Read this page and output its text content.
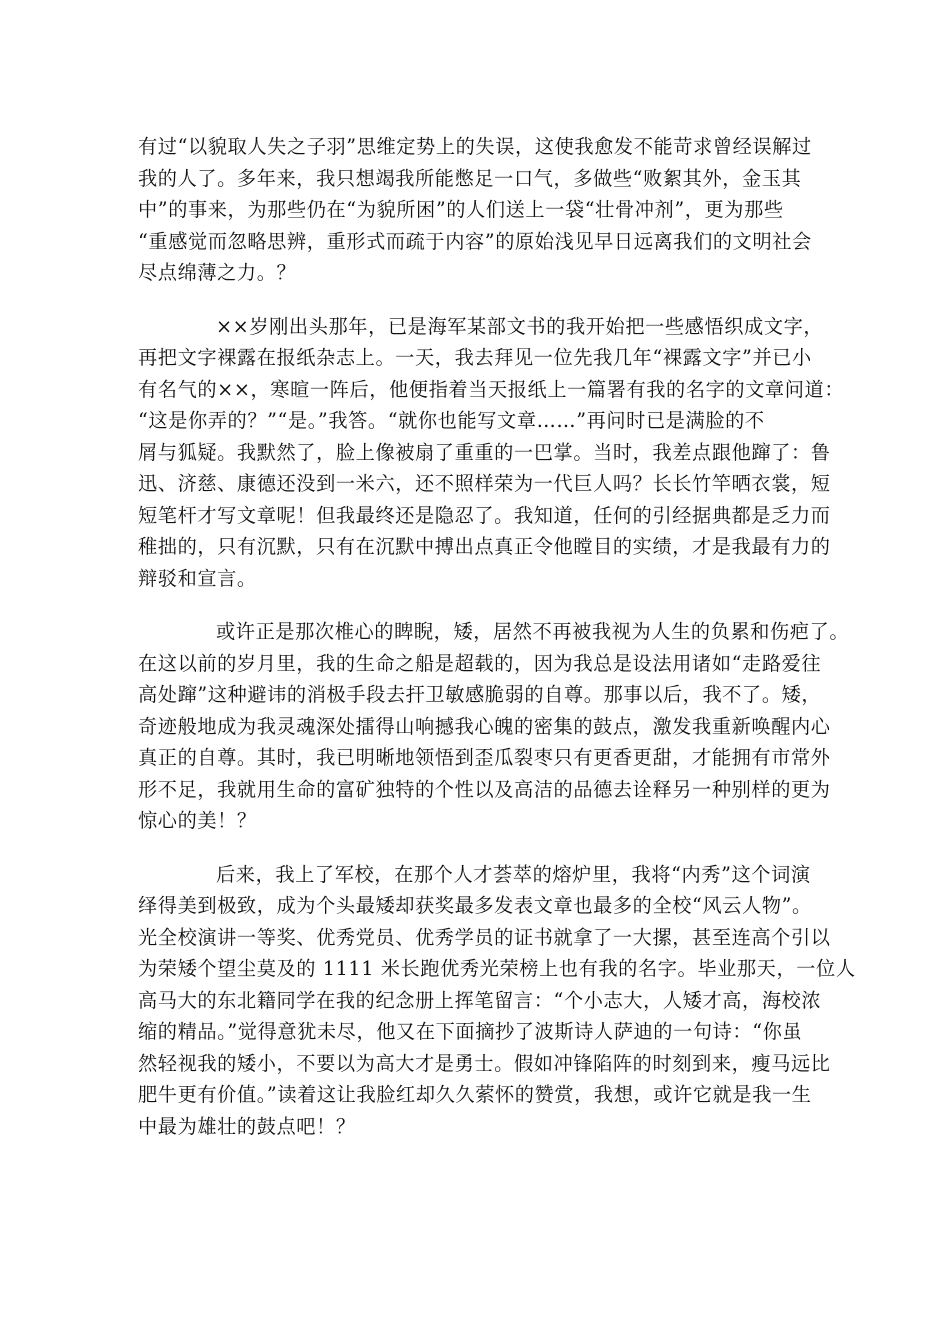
有过“以貌取人失之子羽”思维定势上的失误，这使我愈发不能苛求曾经误解过
我的人了。多年来，我只想竭我所能憋足一口气，多做些“败絮其外，金玉其
中”的事来，为那些仍在“为貌所困”的人们送上一袋“壮骨冲剂”，更为那些
“重感觉而忽略思辨，重形式而疏于内容”的原始浅见早日远离我们的文明社会
尽点绵薄之力。？

××岁刚出头那年，已是海军某部文书的我开始把一些感悟织成文字，
再把文字裸露在报纸杂志上。一天，我去拜见一位先我几年“裸露文字”并已小
有名气的××，寒暄一阵后，他便指着当天报纸上一篇署有我的名字的文章问道：
“这是你弄的？”“是。”我答。“就你也能写文章……”再问时已是满脸的不
屑与狐疑。我默然了，脸上像被扇了重重的一巴掌。当时，我差点跟他蹿了：鲁
迅、济慈、康德还没到一米六，还不照样荣为一代巨人吗？长长竹竿晒衣裳，短
短笔杆才写文章呢！但我最终还是隐忍了。我知道，任何的引经据典都是乏力而
稚拙的，只有沉默，只有在沉默中搏出点真正令他瞠目的实绩，才是我最有力的
辩驳和宣言。

或许正是那次椎心的睥睨，矮，居然不再被我视为人生的负累和伤疤了。
在这以前的岁月里，我的生命之船是超载的，因为我总是设法用诸如“走路爱往
高处蹿”这种避讳的消极手段去扞卫敏感脆弱的自尊。那事以后，我不了。矮，
奇迹般地成为我灵魂深处擂得山响撼我心魄的密集的鼓点，激发我重新唤醒内心
真正的自尊。其时，我已明晰地领悟到歪瓜裂枣只有更香更甜，才能拥有市常外
形不足，我就用生命的富矿独特的个性以及高洁的品德去诠释另一种别样的更为
惊心的美！？

后来，我上了军校，在那个人才荟萃的熔炉里，我将“内秀”这个词演
绎得美到极致，成为个头最矮却获奖最多发表文章也最多的全校“风云人物”。
光全校演讲一等奖、优秀党员、优秀学员的证书就拿了一大摞，甚至连高个引以
为荣矮个望尘莫及的 1111 米长跑优秀光荣榜上也有我的名字。毕业那天，一位人
高马大的东北籍同学在我的纪念册上挥笔留言：“个小志大，人矮才高，海校浓
缩的精品。”觉得意犹未尽，他又在下面摘抄了波斯诗人萨迪的一句诗：“你虽
然轻视我的矮小，不要以为高大才是勇士。假如冲锋陷阵的时刻到来，瘦马远比
肥牛更有价值。”读着这让我脸红却久久萦怀的赞赏，我想，或许它就是我一生
中最为雄壮的鼓点吧！？
